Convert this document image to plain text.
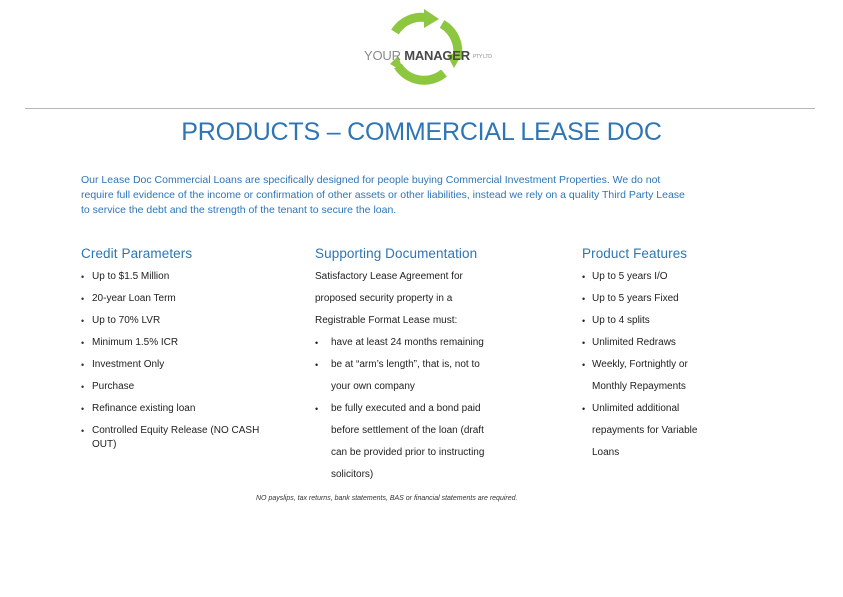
YOUR MANAGER PTY LTD
PRODUCTS – COMMERCIAL LEASE DOC
Our Lease Doc Commercial Loans are specifically designed for people buying Commercial Investment Properties. We do not require full evidence of the income or confirmation of other assets or other liabilities, instead we rely on a quality Third Party Lease to service the debt and the strength of the tenant to secure the loan.
Credit Parameters	Supporting Documentation	Product Features
• Up to $1.5 Million
• 20-year Loan Term
• Up to 70% LVR
• Minimum 1.5% ICR
• Investment Only
• Purchase
• Refinance existing loan
• Controlled Equity Release (NO CASH OUT)
Satisfactory Lease Agreement for
proposed security property in a
Registrable Format Lease must:
• have at least 24 months remaining
• be at “arm’s length”, that is, not to
your own company
• be fully executed and a bond paid
before settlement of the loan (draft
can be provided prior to instructing
solicitors)
• Up to 5 years I/O
• Up to 5 years Fixed
• Up to 4 splits
• Unlimited Redraws
• Weekly, Fortnightly or
Monthly Repayments
• Unlimited additional
repayments for Variable
Loans
NO payslips, tax returns, bank statements, BAS or financial statements are required.
